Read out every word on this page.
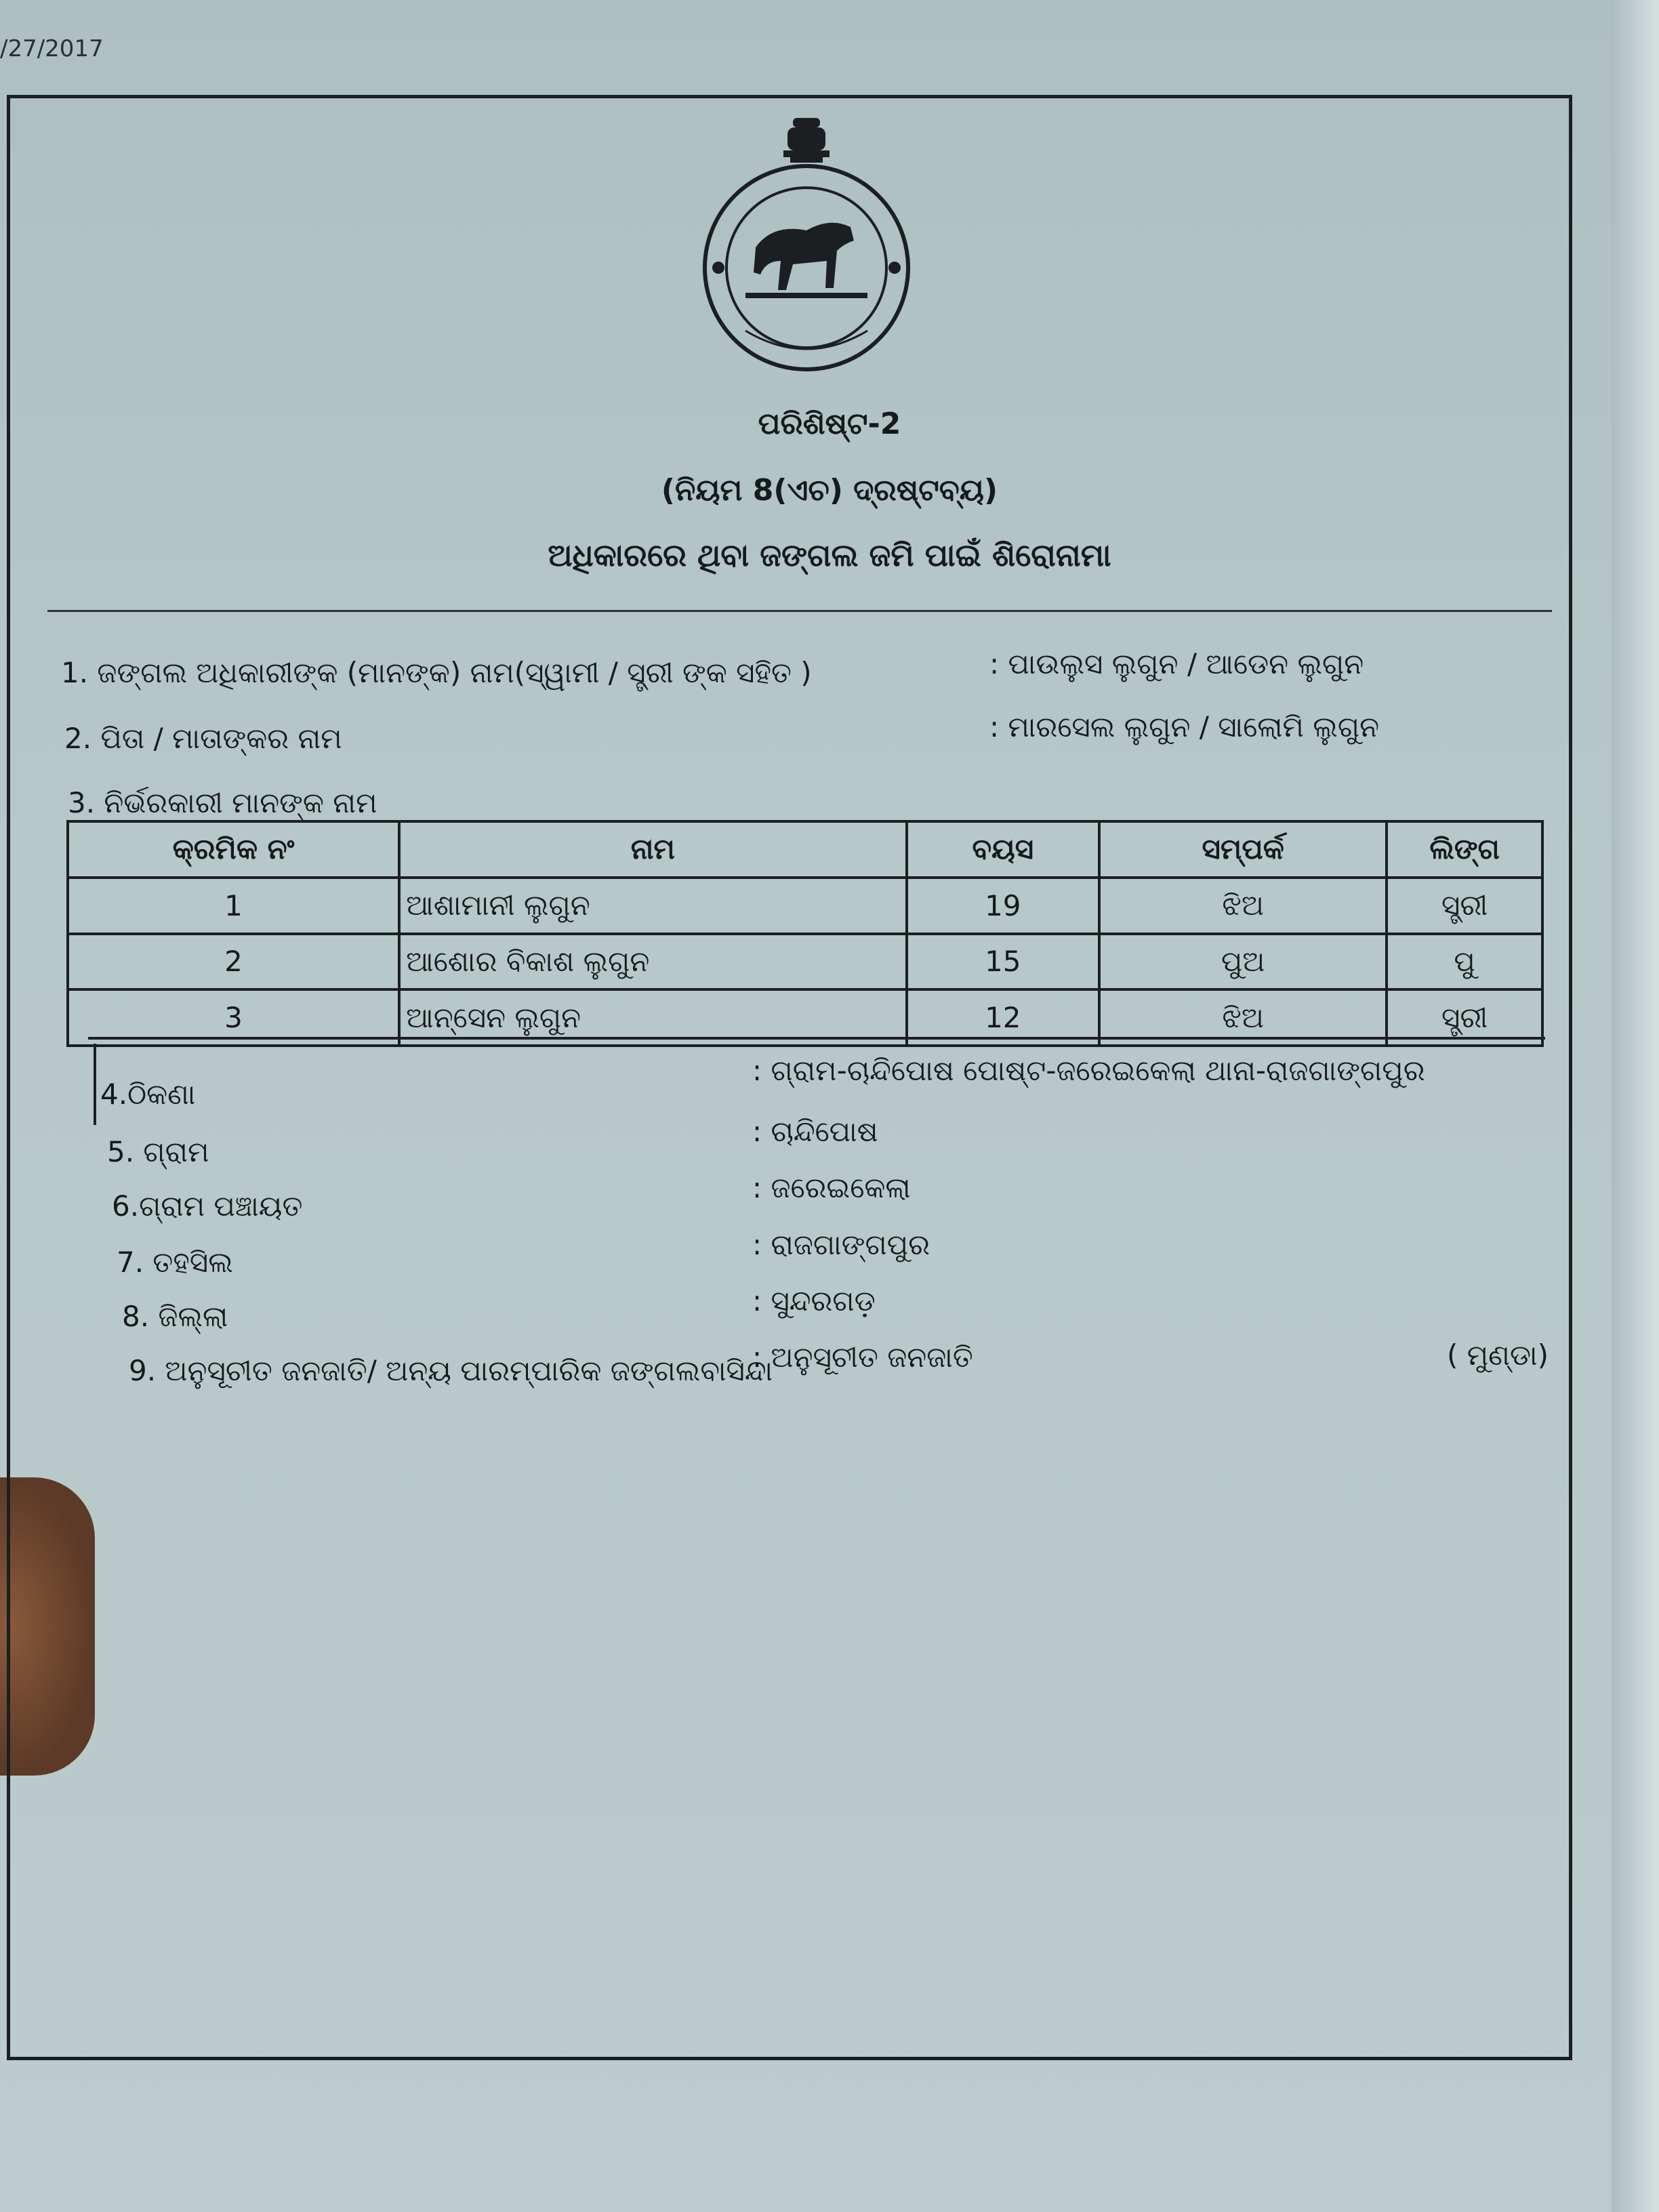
/27/2017
ପରିଶିଷ୍ଟ-2
(ନିୟମ 8(ଏଚ) ଦ୍ରଷ୍ଟବ୍ୟ)
ଅଧିକାରରେ ଥିବା ଜଙ୍ଗଲ ଜମି ପାଇଁ ଶିରୋନାମା
1. ଜଙ୍ଗଲ ଅଧିକାରୀଙ୍କ (ମାନଙ୍କ) ନାମ(ସ୍ୱାମୀ / ସ୍ତ୍ରୀ ଙ୍କ ସହିତ )	: ପାଉଲୁସ ଲୁଗୁନ / ଆଡେନ ଲୁଗୁନ
2. ପିତା / ମାତାଙ୍କର ନାମ	: ମାରସେଲ ଲୁଗୁନ / ସାଲୋମି ଲୁଗୁନ
3. ନିର୍ଭରକାରୀ ମାନଙ୍କ ନାମ
କ୍ରମିକ ନଂ	ନାମ	ବୟସ	ସମ୍ପର୍କ	ଲିଙ୍ଗ
1	ଆଶାମାନୀ ଲୁଗୁନ	19	ଝିଅ	ସ୍ତ୍ରୀ
2	ଆଶୋର ବିକାଶ ଲୁଗୁନ	15	ପୁଅ	ପୁ
3	ଆନ୍ସେନ ଲୁଗୁନ	12	ଝିଅ	ସ୍ତ୍ରୀ
4.ଠିକଣା
: ଗ୍ରାମ-ଚାନ୍ଦିପୋଷ ପୋଷ୍ଟ-ଜରେଇକେଲା ଥାନା-ରାଜଗାଙ୍ଗପୁର
5. ଗ୍ରାମ
: ଚାନ୍ଦିପୋଷ
6.ଗ୍ରାମ ପଞ୍ଚାୟତ
: ଜରେଇକେଲା
7. ତହସିଲ
: ରାଜଗାଙ୍ଗପୁର
8. ଜିଲ୍ଲା	: ସୁନ୍ଦରଗଡ଼
9. ଅନୁସୂଚୀତ ଜନଜାତି/ ଅନ୍ୟ ପାରମ୍ପାରିକ ଜଙ୍ଗଲବାସିନ୍ଦା
: ଅନୁସୂଚୀତ ଜନଜାତି	( ମୁଣ୍ଡା)
